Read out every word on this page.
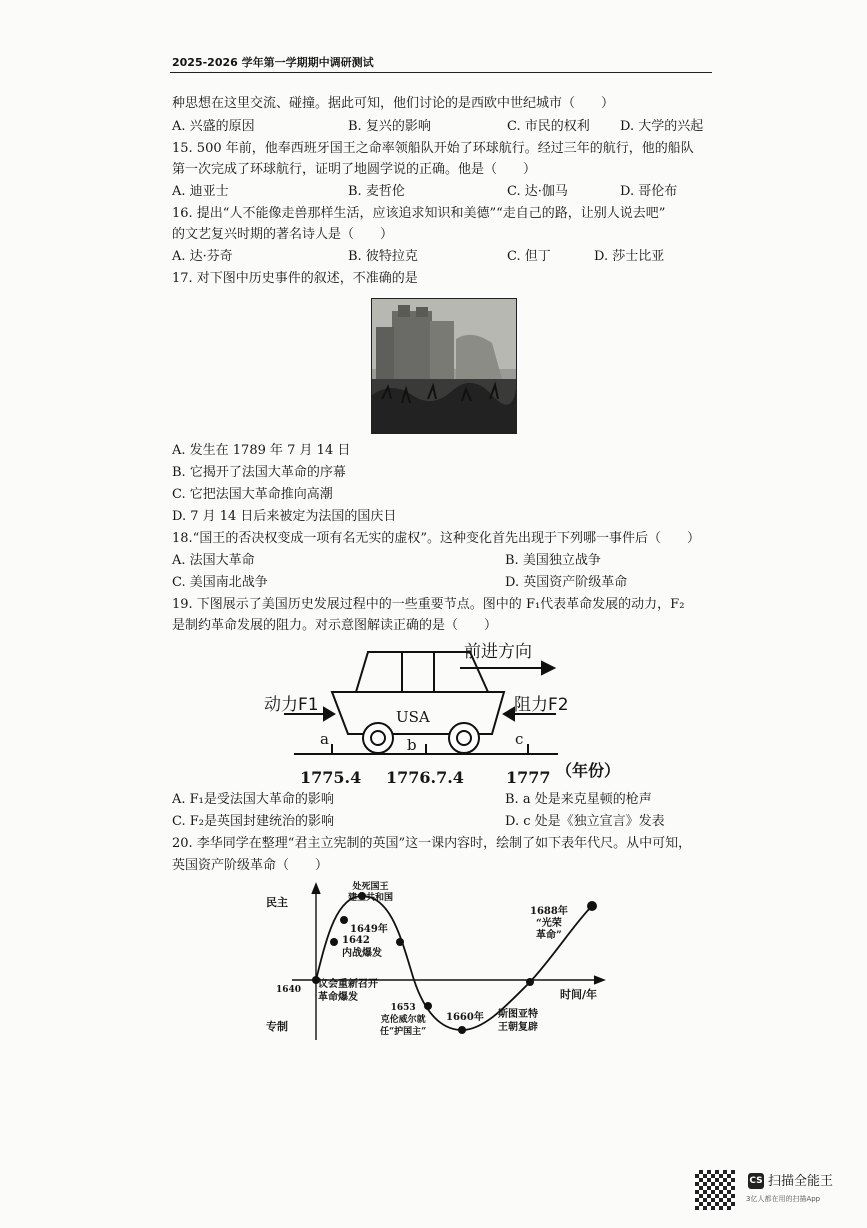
2025-2026 学年第一学期期中调研测试
种思想在这里交流、碰撞。据此可知，他们讨论的是西欧中世纪城市（　　）
A. 兴盛的原因	B. 复兴的影响	C. 市民的权利 D. 大学的兴起
15. 500 年前，他奉西班牙国王之命率领船队开始了环球航行。经过三年的航行，他的船队
第一次完成了环球航行，证明了地圆学说的正确。他是（　　）
A. 迪亚士	B. 麦哲伦	C. 达·伽马	D. 哥伦布
16. 提出“人不能像走兽那样生活，应该追求知识和美德”“走自己的路，让别人说去吧”
的文艺复兴时期的著名诗人是（　　）
A. 达·芬奇	B. 彼特拉克	C. 但丁	D. 莎士比亚
17. 对下图中历史事件的叙述，不准确的是
A. 发生在 1789 年 7 月 14 日
B. 它揭开了法国大革命的序幕
C. 它把法国大革命推向高潮
D. 7 月 14 日后来被定为法国的国庆日
18.“国王的否决权变成一项有名无实的虚权”。这种变化首先出现于下列哪一事件后（　　）
A. 法国大革命	B. 美国独立战争
C. 美国南北战争	D. 英国资产阶级革命
19. 下图展示了美国历史发展过程中的一些重要节点。图中的 F₁代表革命发展的动力，F₂
是制约革命发展的阻力。对示意图解读正确的是（　　）
前进方向
动力F1	阻力F2
USA
a	b	c
1775.4 1776.7.4	1777 （年份）
A. F₁是受法国大革命的影响	B. a 处是来克星顿的枪声
C. F₂是英国封建统治的影响	D. c 处是《独立宣言》发表
20. 李华同学在整理“君主立宪制的英国”这一课内容时，绘制了如下表年代尺。从中可知，
英国资产阶级革命（　　）
民主
专制
1640	时间/年
处死国王
建立共和国
1649年
1642
内战爆发
议会重新召开
革命爆发
1653
克伦威尔就
任“护国主”
1660年 斯图亚特
王朝复辟
1688年
“光荣
革命”
CS 扫描全能王
3亿人都在用的扫描App
